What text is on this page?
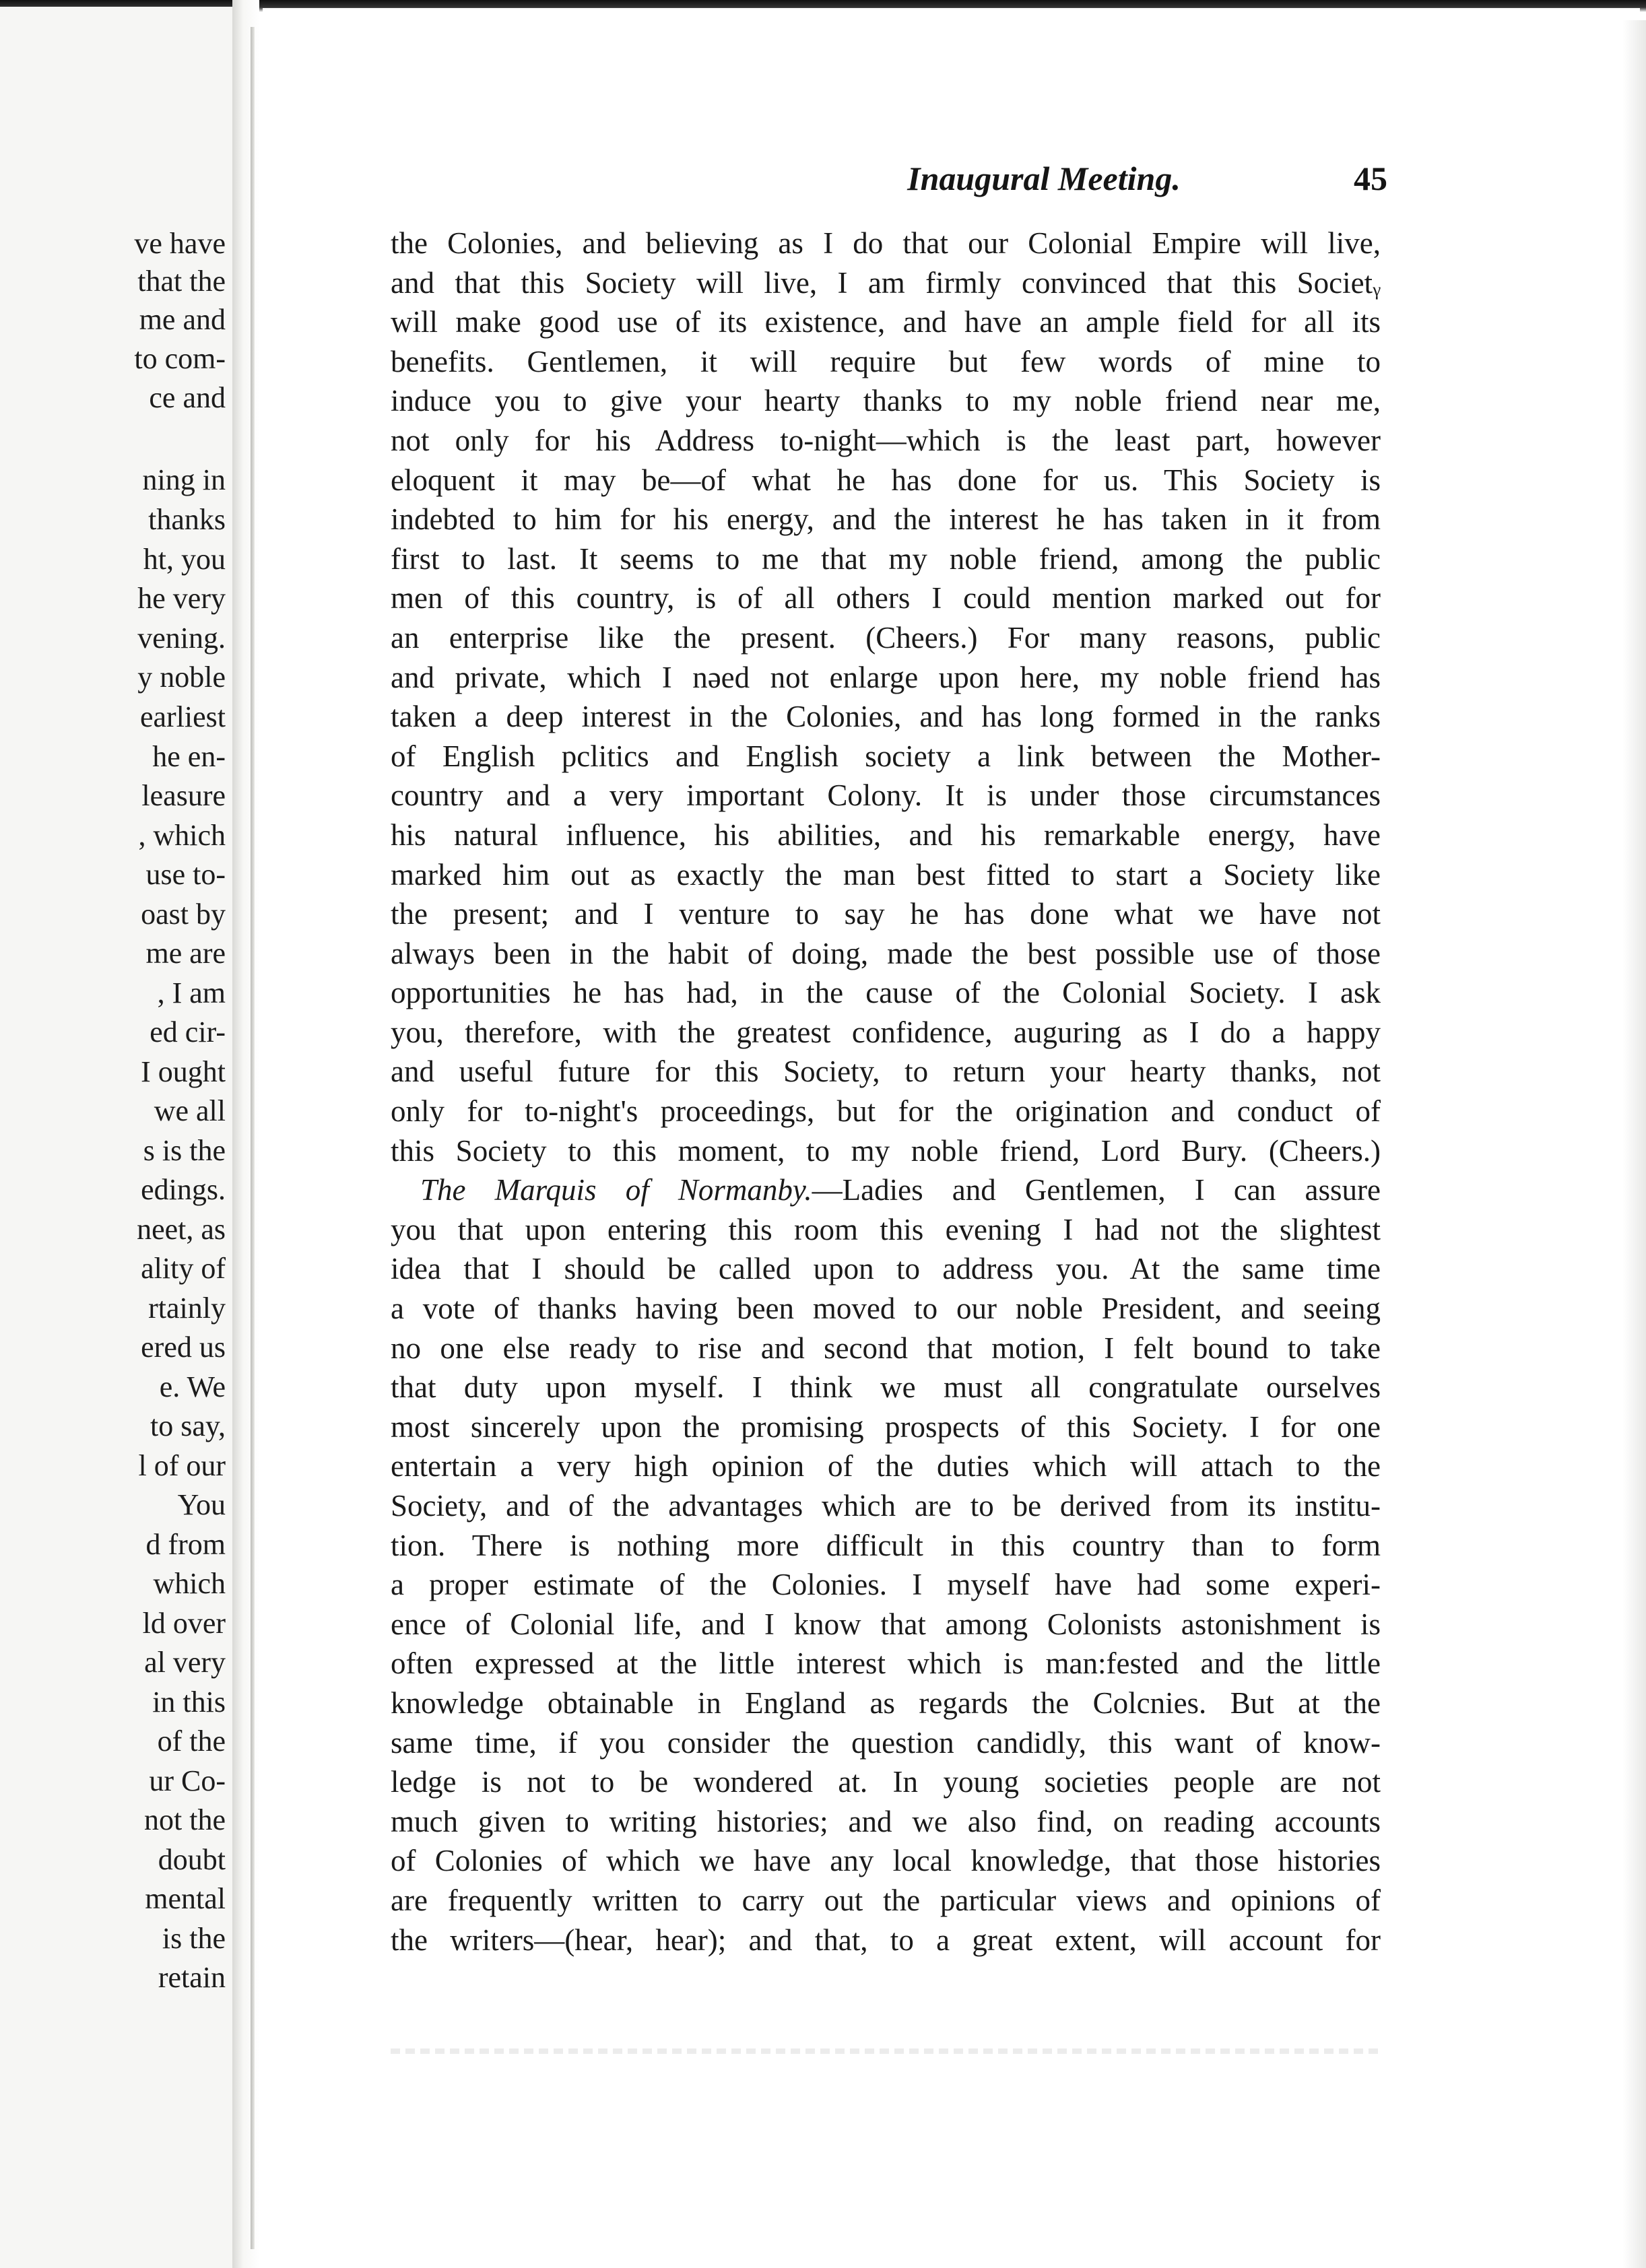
ve have
that the
me and
to com-
ce and
ning in
thanks
ht, you
he very
vening.
y noble
earliest
he en-
leasure
, which
use to-
oast by
me are
, I am
ed cir-
I ought
we all
s is the
edings.
neet, as
ality of
rtainly
ered us
e. We
to say,
l of our
You
d from
which
ld over
al very
in this
of the
ur Co-
not the
doubt
mental
is the
retain
Inaugural Meeting.	45
the Colonies, and believing as I do that our Colonial Empire will live,
and that this Society will live, I am firmly convinced that this Societᵧ
will make good use of its existence, and have an ample field for all its
benefits. Gentlemen, it will require but few words of mine to
induce you to give your hearty thanks to my noble friend near me,
not only for his Address to-night—which is the least part, however
eloquent it may be—of what he has done for us. This Society is
indebted to him for his energy, and the interest he has taken in it from
first to last. It seems to me that my noble friend, among the public
men of this country, is of all others I could mention marked out for
an enterprise like the present. (Cheers.) For many reasons, public
and private, which I nəed not enlarge upon here, my noble friend has
taken a deep interest in the Colonies, and has long formed in the ranks
of English pclitics and English society a link between the Mother-
country and a very important Colony. It is under those circumstances
his natural influence, his abilities, and his remarkable energy, have
marked him out as exactly the man best fitted to start a Society like
the present; and I venture to say he has done what we have not
always been in the habit of doing, made the best possible use of those
opportunities he has had, in the cause of the Colonial Society. I ask
you, therefore, with the greatest confidence, auguring as I do a happy
and useful future for this Society, to return your hearty thanks, not
only for to-night's proceedings, but for the origination and conduct of
this Society to this moment, to my noble friend, Lord Bury. (Cheers.)
The Marquis of Normanby.—Ladies and Gentlemen, I can assure
you that upon entering this room this evening I had not the slightest
idea that I should be called upon to address you. At the same time
a vote of thanks having been moved to our noble President, and seeing
no one else ready to rise and second that motion, I felt bound to take
that duty upon myself. I think we must all congratulate ourselves
most sincerely upon the promising prospects of this Society. I for one
entertain a very high opinion of the duties which will attach to the
Society, and of the advantages which are to be derived from its institu-
tion. There is nothing more difficult in this country than to form
a proper estimate of the Colonies. I myself have had some experi-
ence of Colonial life, and I know that among Colonists astonishment is
often expressed at the little interest which is man:fested and the little
knowledge obtainable in England as regards the Colcnies. But at the
same time, if you consider the question candidly, this want of know-
ledge is not to be wondered at. In young societies people are not
much given to writing histories; and we also find, on reading accounts
of Colonies of which we have any local knowledge, that those histories
are frequently written to carry out the particular views and opinions of
the writers—(hear, hear); and that, to a great extent, will account for
